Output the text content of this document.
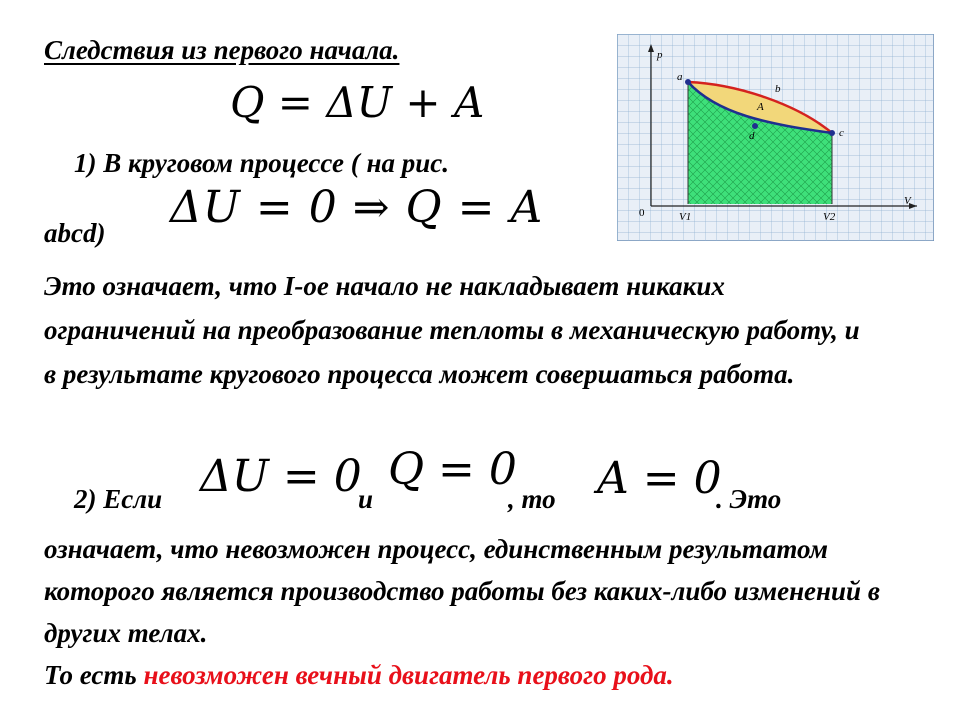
Следствия из первого начала.
Q = ΔU + A
1) В круговом процессе ( на рис.
ΔU = 0 ⇒ Q = A
abcd)
Это означает, что I-ое начало не накладывает никаких ограничений на преобразование теплоты в механическую работу, и в результате кругового процесса может совершаться работа.
2) Если ΔU = 0
и
Q = 0
, то A = 0
. Это
означает, что невозможен процесс, единственным результатом которого является производство работы без каких-либо изменений в других телах.
То есть невозможен вечный двигатель первого рода.
p
V
0	V1	V2
a
b
c
d
A
